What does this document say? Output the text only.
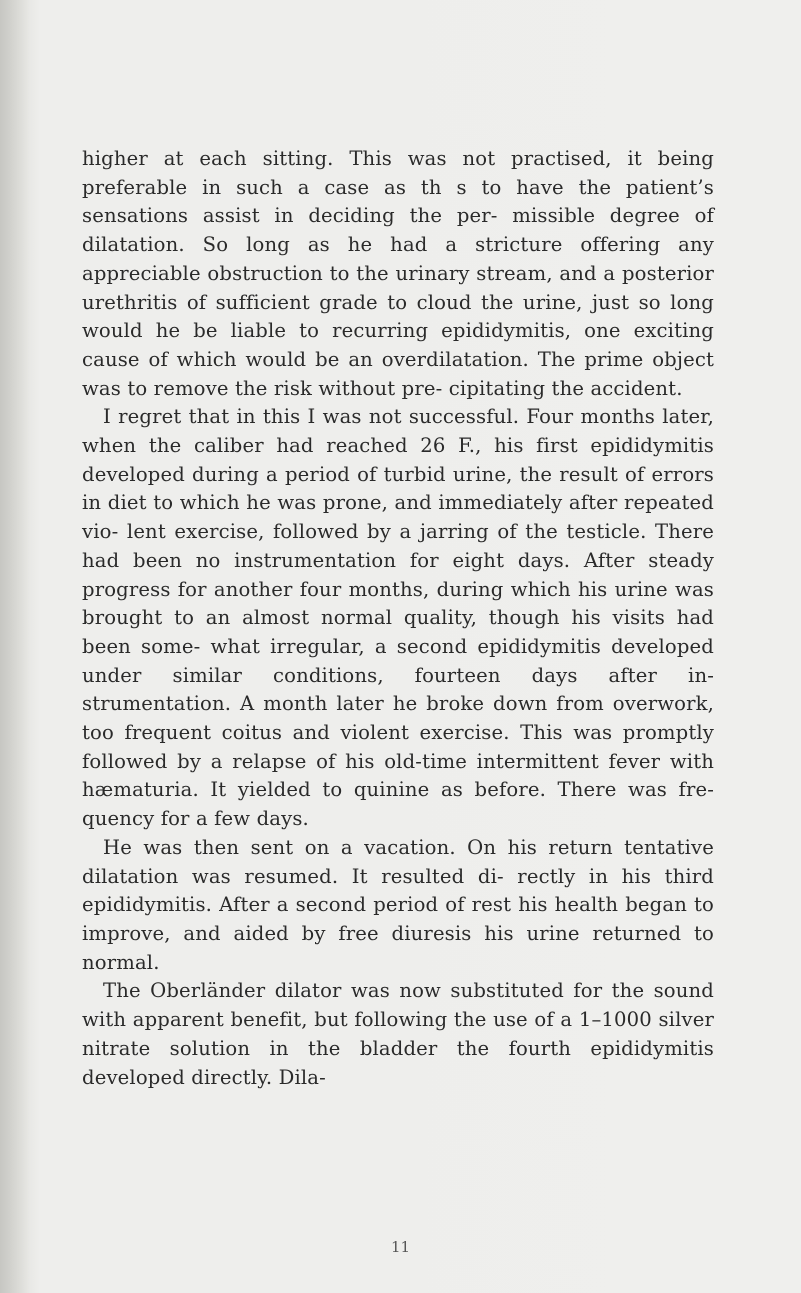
higher at each sitting. This was not practised, it being preferable in such a case as th s to have the patient’s sensations assist in deciding the per- missible degree of dilatation. So long as he had a stricture offering any appreciable obstruction to the urinary stream, and a posterior urethritis of sufficient grade to cloud the urine, just so long would he be liable to recurring epididymitis, one exciting cause of which would be an overdilatation. The prime object was to remove the risk without pre- cipitating the accident.

I regret that in this I was not successful. Four months later, when the caliber had reached 26 F., his first epididymitis developed during a period of turbid urine, the result of errors in diet to which he was prone, and immediately after repeated vio- lent exercise, followed by a jarring of the testicle. There had been no instrumentation for eight days. After steady progress for another four months, during which his urine was brought to an almost normal quality, though his visits had been some- what irregular, a second epididymitis developed under similar conditions, fourteen days after in- strumentation. A month later he broke down from overwork, too frequent coitus and violent exercise. This was promptly followed by a relapse of his old-time intermittent fever with hæmaturia. It yielded to quinine as before. There was fre- quency for a few days.

He was then sent on a vacation. On his return tentative dilatation was resumed. It resulted di- rectly in his third epididymitis. After a second period of rest his health began to improve, and aided by free diuresis his urine returned to normal.

The Oberländer dilator was now substituted for the sound with apparent benefit, but following the use of a 1–1000 silver nitrate solution in the bladder the fourth epididymitis developed directly. Dila-

11
